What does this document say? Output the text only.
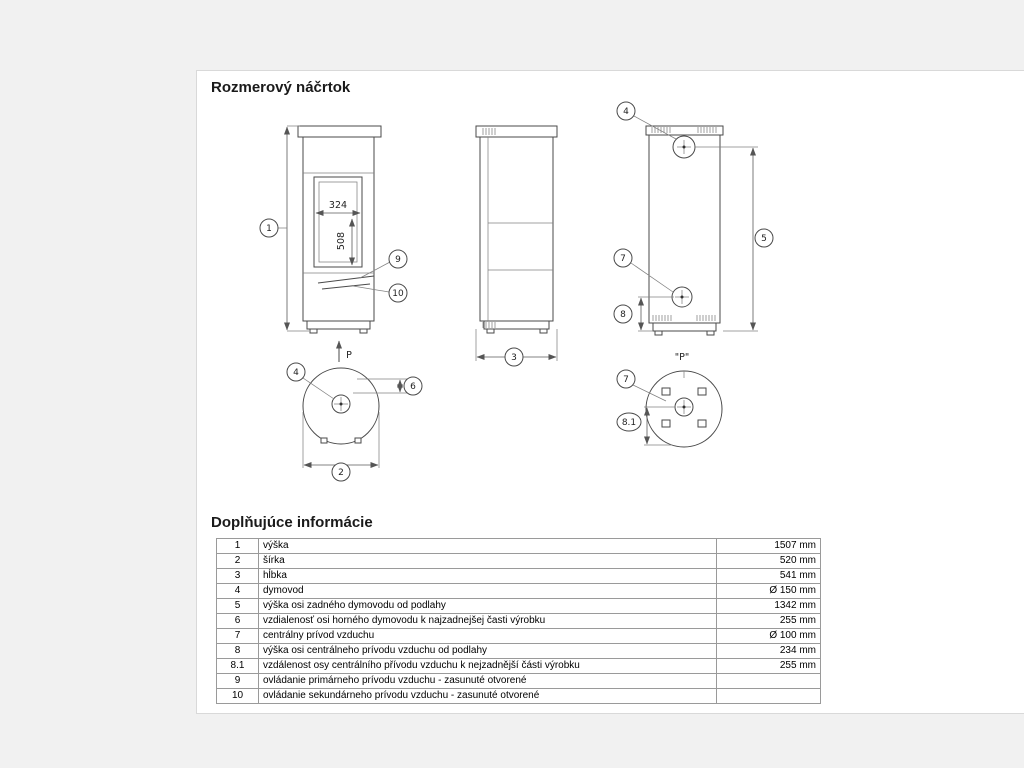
Rozmerový náčrtok
324
508
1
9
10
P
4
6
2
3
4
5
7
8
"P"
7
8.1
Doplňujúce informácie
1	výška	1507 mm
2	šírka	520 mm
3	hĺbka	541 mm
4	dymovod	Ø 150 mm
5	výška osi zadného dymovodu od podlahy	1342 mm
6	vzdialenosť osi horného dymovodu k najzadnejšej časti výrobku	255 mm
7	centrálny prívod vzduchu	Ø 100 mm
8	výška osi centrálneho prívodu vzduchu od podlahy	234 mm
8.1	vzdálenost osy centrálního přívodu vzduchu k nejzadnější části výrobku	255 mm
9	ovládanie primárneho prívodu vzduchu - zasunuté otvorené	
10	ovládanie sekundárneho prívodu vzduchu - zasunuté otvorené	
